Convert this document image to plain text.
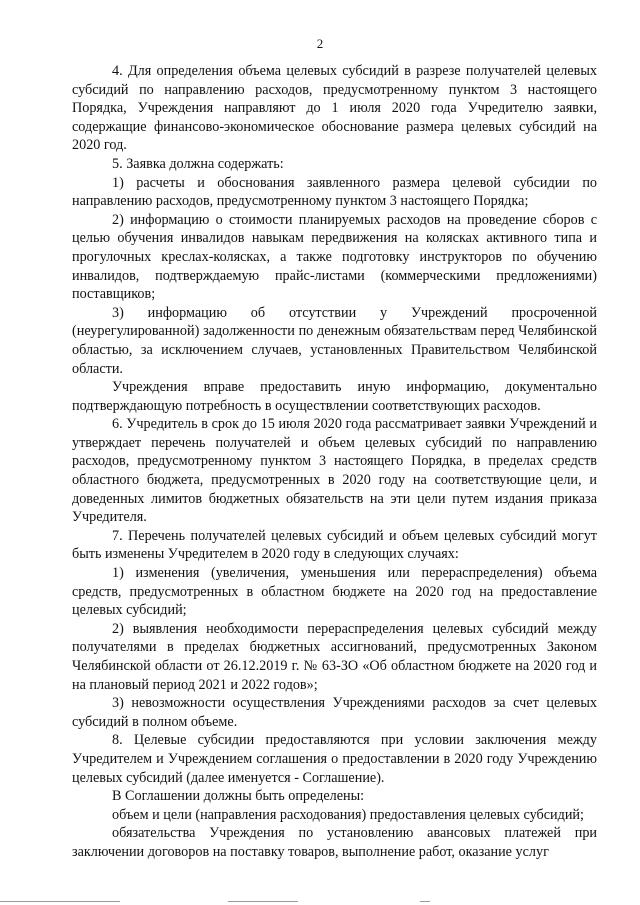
2

4. Для определения объема целевых субсидий в разрезе получателей целевых субсидий по направлению расходов, предусмотренному пунктом 3 настоящего Порядка, Учреждения направляют до 1 июля 2020 года Учредителю заявки, содержащие финансово-экономическое обоснование размера целевых субсидий на 2020 год.

5. Заявка должна содержать:

1) расчеты и обоснования заявленного размера целевой субсидии по направлению расходов, предусмотренному пунктом 3 настоящего Порядка;

2) информацию о стоимости планируемых расходов на проведение сборов с целью обучения инвалидов навыкам передвижения на колясках активного типа и прогулочных креслах-колясках, а также подготовку инструкторов по обучению инвалидов, подтверждаемую прайс-листами (коммерческими предложениями) поставщиков;

3) информацию об отсутствии у Учреждений просроченной (неурегулированной) задолженности по денежным обязательствам перед Челябинской областью, за исключением случаев, установленных Правительством Челябинской области.

Учреждения вправе предоставить иную информацию, документально подтверждающую потребность в осуществлении соответствующих расходов.

6. Учредитель в срок до 15 июля 2020 года рассматривает заявки Учреждений и утверждает перечень получателей и объем целевых субсидий по направлению расходов, предусмотренному пунктом 3 настоящего Порядка, в пределах средств областного бюджета, предусмотренных в 2020 году на соответствующие цели, и доведенных лимитов бюджетных обязательств на эти цели путем издания приказа Учредителя.

7. Перечень получателей целевых субсидий и объем целевых субсидий могут быть изменены Учредителем в 2020 году в следующих случаях:

1) изменения (увеличения, уменьшения или перераспределения) объема средств, предусмотренных в областном бюджете на 2020 год на предоставление целевых субсидий;

2) выявления необходимости перераспределения целевых субсидий между получателями в пределах бюджетных ассигнований, предусмотренных Законом Челябинской области от 26.12.2019 г. № 63-ЗО «Об областном бюджете на 2020 год и на плановый период 2021 и 2022 годов»;

3) невозможности осуществления Учреждениями расходов за счет целевых субсидий в полном объеме.

8. Целевые субсидии предоставляются при условии заключения между Учредителем и Учреждением соглашения о предоставлении в 2020 году Учреждению целевых субсидий (далее именуется - Соглашение).

В Соглашении должны быть определены:

объем и цели (направления расходования) предоставления целевых субсидий;

обязательства Учреждения по установлению авансовых платежей при заключении договоров на поставку товаров, выполнение работ, оказание услуг
